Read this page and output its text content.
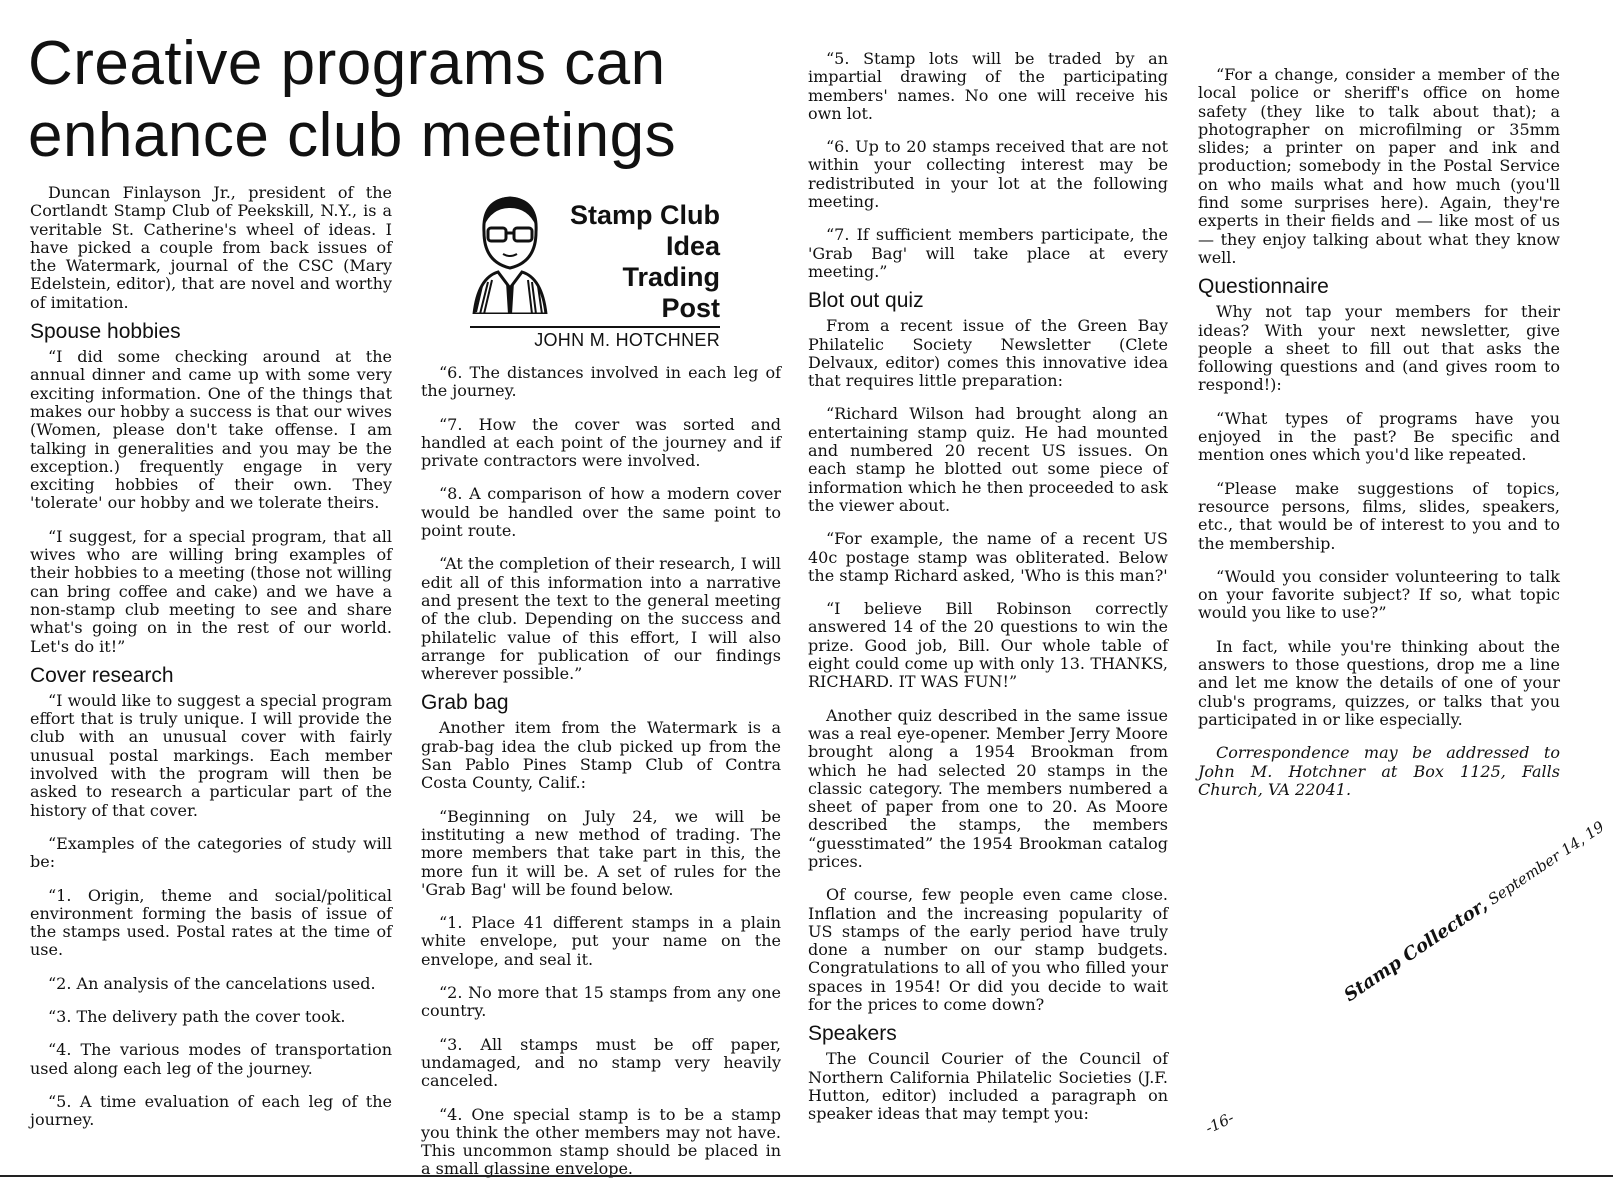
Creative programs can
enhance club meetings
Stamp Club
Idea
Trading
Post
JOHN M. HOTCHNER

Duncan Finlayson Jr., president of the Cortlandt Stamp Club of Peekskill, N.Y., is a veritable St. Catherine's wheel of ideas. I have picked a couple from back issues of the Watermark, journal of the CSC (Mary Edelstein, editor), that are novel and worthy of imitation.

Spouse hobbies

“I did some checking around at the annual dinner and came up with some very exciting information. One of the things that makes our hobby a success is that our wives (Women, please don't take offense. I am talking in generalities and you may be the exception.) frequently engage in very exciting hobbies of their own. They 'tolerate' our hobby and we tolerate theirs.

“I suggest, for a special program, that all wives who are willing bring examples of their hobbies to a meeting (those not willing can bring coffee and cake) and we have a non-stamp club meeting to see and share what's going on in the rest of our world. Let's do it!”

Cover research

“I would like to suggest a special program effort that is truly unique. I will provide the club with an unusual cover with fairly unusual postal markings. Each member involved with the program will then be asked to research a particular part of the history of that cover.

“Examples of the categories of study will be:

“1. Origin, theme and social/political environment forming the basis of issue of the stamps used. Postal rates at the time of use.

“2. An analysis of the cancelations used.

“3. The delivery path the cover took.

“4. The various modes of transportation used along each leg of the journey.

“5. A time evaluation of each leg of the journey.

“6. The distances involved in each leg of the journey.

“7. How the cover was sorted and handled at each point of the journey and if private contractors were involved.

“8. A comparison of how a modern cover would be handled over the same point to point route.

“At the completion of their research, I will edit all of this information into a narrative and present the text to the general meeting of the club. Depending on the success and philatelic value of this effort, I will also arrange for publication of our findings wherever possible.”

Grab bag

Another item from the Watermark is a grab-bag idea the club picked up from the San Pablo Pines Stamp Club of Contra Costa County, Calif.:

“Beginning on July 24, we will be instituting a new method of trading. The more members that take part in this, the more fun it will be. A set of rules for the 'Grab Bag' will be found below.

“1. Place 41 different stamps in a plain white envelope, put your name on the envelope, and seal it.

“2. No more that 15 stamps from any one country.

“3. All stamps must be off paper, undamaged, and no stamp very heavily canceled.

“4. One special stamp is to be a stamp you think the other members may not have. This uncommon stamp should be placed in a small glassine envelope.

“5. Stamp lots will be traded by an impartial drawing of the participating members' names. No one will receive his own lot.

“6. Up to 20 stamps received that are not within your collecting interest may be redistributed in your lot at the following meeting.

“7. If sufficient members participate, the 'Grab Bag' will take place at every meeting.”

Blot out quiz

From a recent issue of the Green Bay Philatelic Society Newsletter (Clete Delvaux, editor) comes this innovative idea that requires little preparation:

“Richard Wilson had brought along an entertaining stamp quiz. He had mounted and numbered 20 recent US issues. On each stamp he blotted out some piece of information which he then proceeded to ask the viewer about.

“For example, the name of a recent US 40c postage stamp was obliterated. Below the stamp Richard asked, 'Who is this man?'

“I believe Bill Robinson correctly answered 14 of the 20 questions to win the prize. Good job, Bill. Our whole table of eight could come up with only 13. THANKS, RICHARD. IT WAS FUN!”

Another quiz described in the same issue was a real eye-opener. Member Jerry Moore brought along a 1954 Brookman from which he had selected 20 stamps in the classic category. The members numbered a sheet of paper from one to 20. As Moore described the stamps, the members “guesstimated” the 1954 Brookman catalog prices.

Of course, few people even came close. Inflation and the increasing popularity of US stamps of the early period have truly done a number on our stamp budgets. Congratulations to all of you who filled your spaces in 1954! Or did you decide to wait for the prices to come down?

Speakers

The Council Courier of the Council of Northern California Philatelic Societies (J.F. Hutton, editor) included a paragraph on speaker ideas that may tempt you:

“For a change, consider a member of the local police or sheriff's office on home safety (they like to talk about that); a photographer on microfilming or 35mm slides; a printer on paper and ink and production; somebody in the Postal Service on who mails what and how much (you'll find some surprises here). Again, they're experts in their fields and — like most of us — they enjoy talking about what they know well.

Questionnaire

Why not tap your members for their ideas? With your next newsletter, give people a sheet to fill out that asks the following questions and (and gives room to respond!):

“What types of programs have you enjoyed in the past? Be specific and mention ones which you'd like repeated.

“Please make suggestions of topics, resource persons, films, slides, speakers, etc., that would be of interest to you and to the membership.

“Would you consider volunteering to talk on your favorite subject? If so, what topic would you like to use?”

In fact, while you're thinking about the answers to those questions, drop me a line and let me know the details of one of your club's programs, quizzes, or talks that you participated in or like especially.

Correspondence may be addressed to John M. Hotchner at Box 1125, Falls Church, VA 22041.

Stamp Collector, September 14, 19
-16-
